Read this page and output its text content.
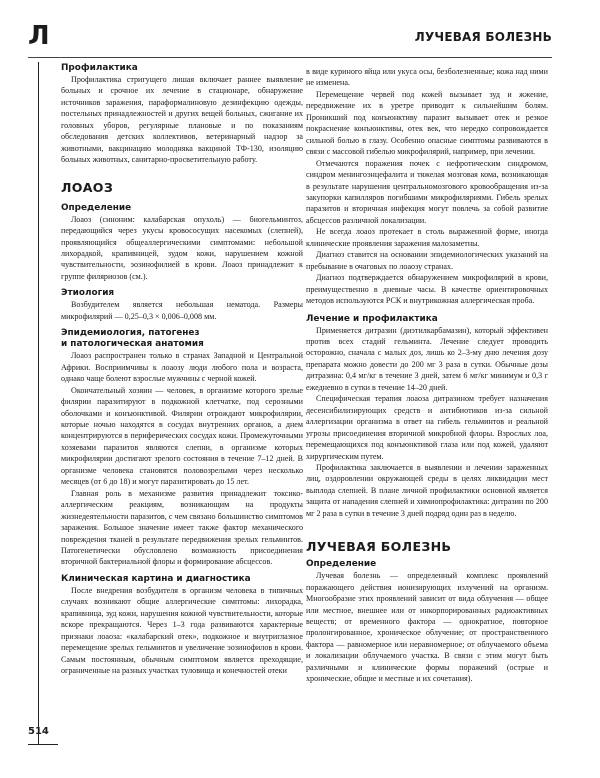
Л	ЛУЧЕВАЯ БОЛЕЗНЬ
Профилактика

Профилактика стригущего лишая включает раннее выявление больных и срочное их лечение в стационаре, обнаружение источников заражения, параформалиновую дезинфекцию одежды, постельных принадлежностей и других вещей больных, сжигание их головных уборов, регулярные плановые и по показаниям обследования детских коллективов, ветеринарный надзор за животными, вакцинацию молодняка вакциной ТФ-130, изоляцию больных животных, санитарно-просветительную работу.

ЛОАОЗ
Определение

Лоаоз (синоним: калабарская опухоль) — биогельминтоз, передающийся через укусы кровососущих насекомых (слепней), проявляющийся общеаллергическими симптомами: небольшой лихорадкой, крапивницей, зудом кожи, нарушением кожной чувствительности, эозинофилией в крови. Лоаоз принадлежит к группе филяриозов (см.).

Этиология

Возбудителем является небольшая нематода. Размеры микрофилярий — 0,25–0,3 × 0,006–0,008 мм.

Эпидемиология, патогенез
и патологическая анатомия

Лоаоз распространен только в странах Западной и Центральной Африки. Восприимчивы к лоаозу люди любого пола и возраста, однако чаще болеют взрослые мужчины с черной кожей.

Окончательный хозяин — человек, в организме которого зрелые филярии паразитируют в подкожной клетчатке, под серозными оболочками и конъюнктивой. Филярии отрождают микрофилярии, которые ночью находятся в сосудах внутренних органов, а днем концентрируются в периферических сосудах кожи. Промежуточными хозяевами паразитов являются слепни, в организме которых микрофилярии достигают зрелого состояния в течение 7–12 дней. В организме человека становятся половозрелыми через несколько месяцев (от 6 до 18) и могут паразитировать до 15 лет.

Главная роль в механизме развития принадлежит токсико-аллергическим реакциям, возникающим на продукты жизнедеятельности паразитов, с чем связано большинство симптомов заражения. Большое значение имеет также фактор механического повреждения тканей в результате передвижения зрелых гельминтов. Патогенетически обусловлено возможность присоединения вторичной бактериальной флоры и формирование абсцессов.

Клиническая картина и диагностика

После внедрения возбудителя в организм человека в типичных случаях возникают общие аллергические симптомы: лихорадка, крапивница, зуд кожи, нарушения кожной чувствительности, которые вскоре прекращаются. Через 1–3 года развиваются характерные признаки лоаоза: «калабарский отек», подкожное и внутриглазное перемещение зрелых гельминтов и увеличение эозинофилов в крови. Самым постоянным, обычным симптомом является преходящие, ограниченные на разных участках туловища и конечностей отеки

в виде куриного яйца или укуса осы, безболезненные; кожа над ними не изменена.

Перемещение червей под кожей вызывает зуд и жжение, передвижение их в уретре приводит к сильнейшим болям. Проникший под конъюнктиву паразит вызывает отек и резкое покраснение конъюнктивы, отек век, что нередко сопровождается сильной болью в глазу. Особенно опасные симптомы развиваются в связи с массовой гибелью микрофилярий, например, при лечении.

Отмечаются поражения почек с нефротическим синдромом, синдром менингоэнцефалита и тяжелая мозговая кома, возникающая в результате нарушения центральномозгового кровообращения из-за закупорки капилляров погибшими микрофиляриями. Гибель зрелых паразитов и вторичная инфекция могут повлечь за собой развитие абсцессов различной локализации.

Не всегда лоаоз протекает в столь выраженной форме, иногда клинические проявления заражения малозаметны.

Диагноз ставится на основании эпидемиологических указаний на пребывание в очаговых по лоаозу странах.

Диагноз подтверждается обнаружением микрофилярий в крови, преимущественно в дневные часы. В качестве ориентировочных методов используются РСК и внутрикожная аллергическая проба.

Лечение и профилактика

Применяется дитразин (диэтилкарбамазин), который эффективен против всех стадий гельминта. Лечение следует проводить осторожно, сначала с малых доз, лишь ко 2–3-му дню лечения дозу препарата можно довести до 200 мг 3 раза в сутки. Обычные дозы дитразина: 0,4 мг/кг в течение 3 дней, затем 6 мг/кг минимум и 0,3 г ежедневно в сутки в течение 14–20 дней.

Специфическая терапия лоаоза дитразином требует назначения десенсибилизирующих средств и антибиотиков из-за сильной аллергизации организма в ответ на гибель гельминтов и реальной угрозы присоединения вторичной микробной флоры. Взрослых лоа, перемещающихся под конъюнктивой глаза или под кожей, удаляют хирургическим путем.

Профилактика заключается в выявлении и лечении зараженных лиц, оздоровлении окружающей среды в целях ликвидации мест выплода слепней. В плане личной профилактики основной является защита от нападения слепней и химиопрофилактика: дитразин по 200 мг 2 раза в сутки в течение 3 дней подряд один раз в неделю.

ЛУЧЕВАЯ БОЛЕЗНЬ
Определение

Лучевая болезнь — определенный комплекс проявлений поражающего действия ионизирующих излучений на организм. Многообразие этих проявлений зависит от вида облучения — общее или местное, внешнее или от инкорпорированных радиоактивных веществ; от временного фактора — однократное, повторное пролонгированное, хроническое облучение; от пространственного фактора — равномерное или неравномерное; от облучаемого объема и локализации облучаемого участка. В связи с этим могут быть различными и клинические формы поражений (острые и хронические, общие и местные и их сочетания).

514
